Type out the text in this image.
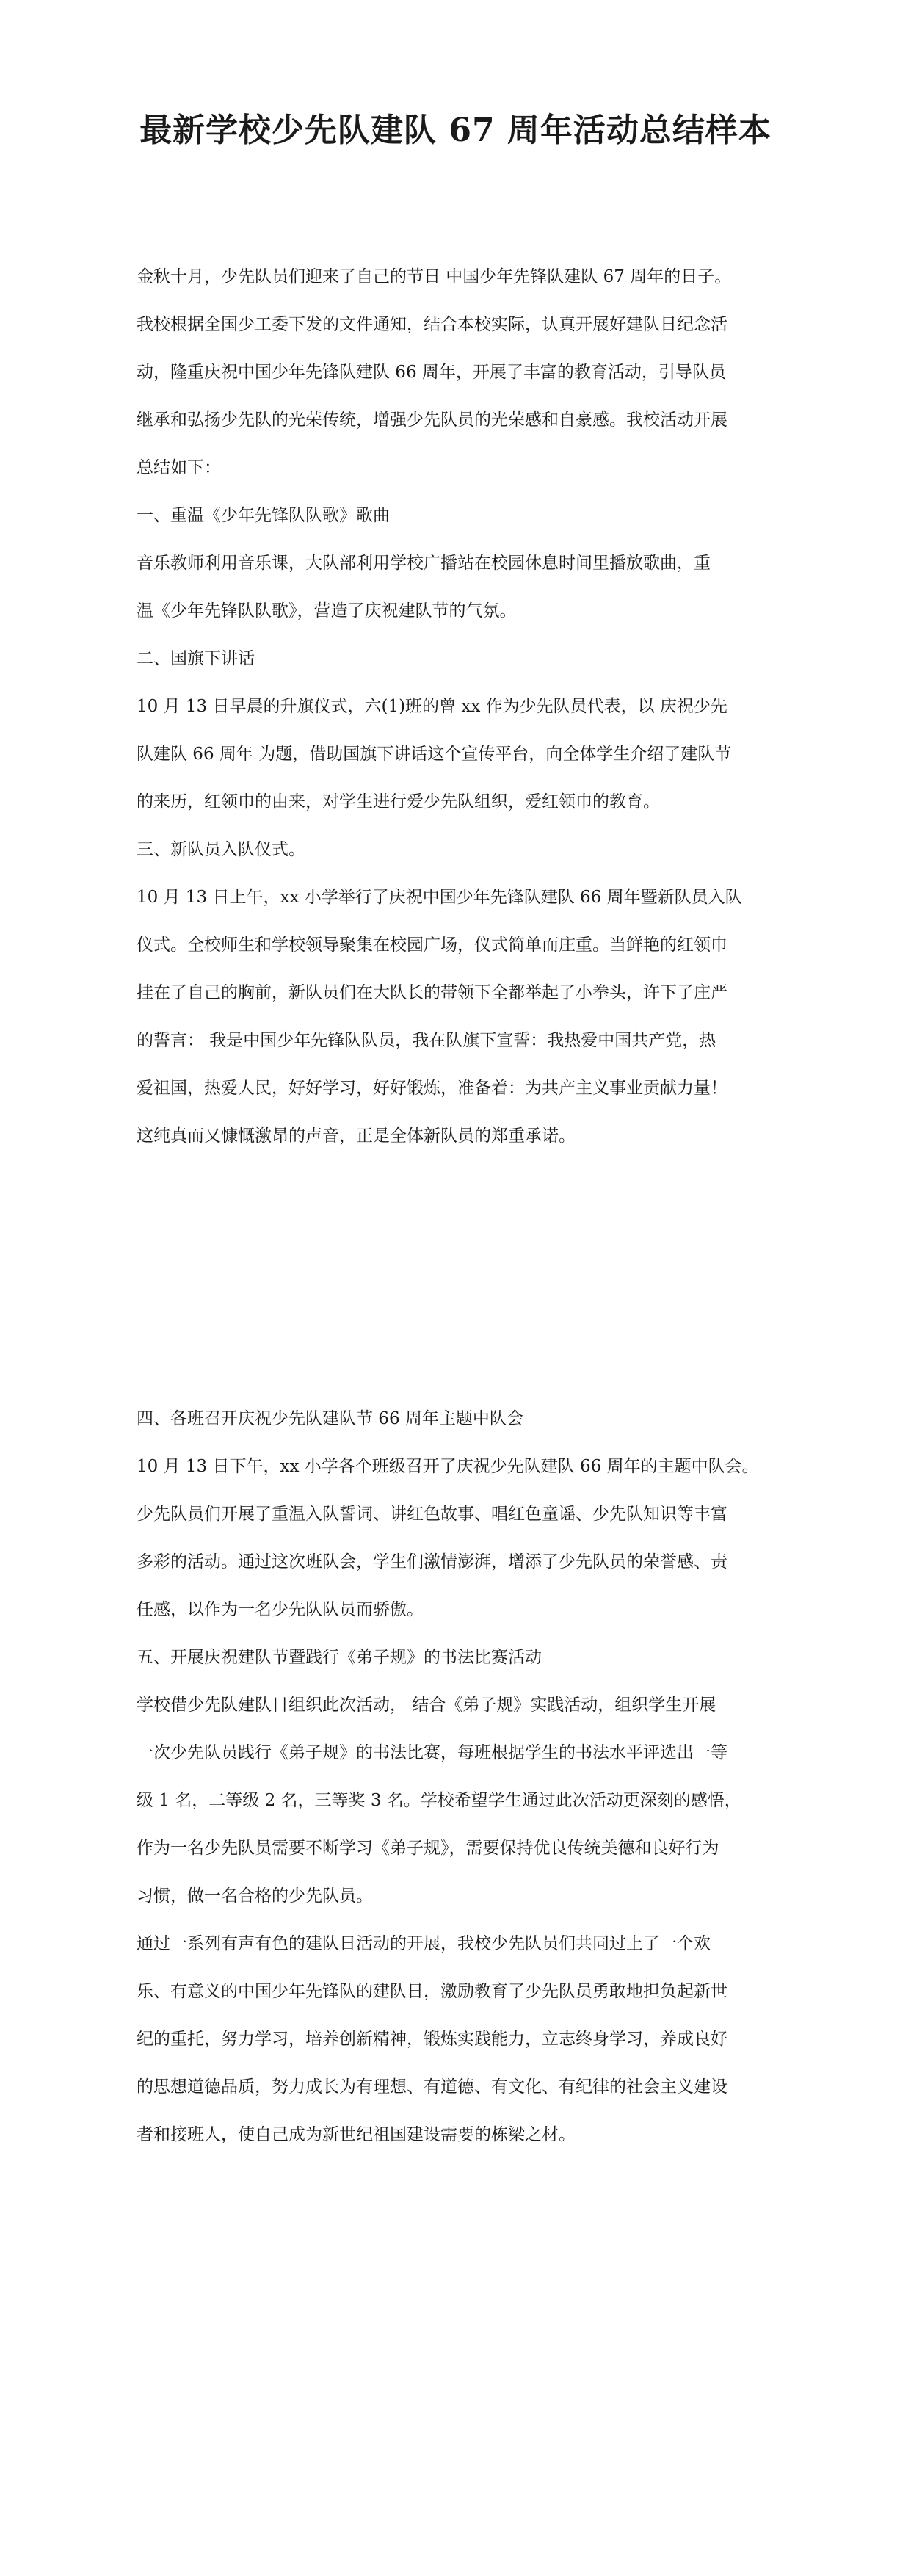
最新学校少先队建队 67 周年活动总结样本
金秋十月，少先队员们迎来了自己的节日 中国少年先锋队建队 67 周年的日子。
我校根据全国少工委下发的文件通知，结合本校实际，认真开展好建队日纪念活
动，隆重庆祝中国少年先锋队建队 66 周年，开展了丰富的教育活动，引导队员
继承和弘扬少先队的光荣传统，增强少先队员的光荣感和自豪感。我校活动开展
总结如下：
一、重温《少年先锋队队歌》歌曲
音乐教师利用音乐课，大队部利用学校广播站在校园休息时间里播放歌曲，重
温《少年先锋队队歌》，营造了庆祝建队节的气氛。
二、国旗下讲话
10 月 13 日早晨的升旗仪式，六(1)班的曾 xx 作为少先队员代表，以 庆祝少先
队建队 66 周年 为题，借助国旗下讲话这个宣传平台，向全体学生介绍了建队节
的来历，红领巾的由来，对学生进行爱少先队组织，爱红领巾的教育。
三、新队员入队仪式。
10 月 13 日上午，xx 小学举行了庆祝中国少年先锋队建队 66 周年暨新队员入队
仪式。全校师生和学校领导聚集在校园广场，仪式简单而庄重。当鲜艳的红领巾
挂在了自己的胸前，新队员们在大队长的带领下全都举起了小拳头，许下了庄严
的誓言： 我是中国少年先锋队队员，我在队旗下宣誓：我热爱中国共产党，热
爱祖国，热爱人民，好好学习，好好锻炼，准备着：为共产主义事业贡献力量！
这纯真而又慷慨激昂的声音，正是全体新队员的郑重承诺。
四、各班召开庆祝少先队建队节 66 周年主题中队会
10 月 13 日下午，xx 小学各个班级召开了庆祝少先队建队 66 周年的主题中队会。
少先队员们开展了重温入队誓词、讲红色故事、唱红色童谣、少先队知识等丰富
多彩的活动。通过这次班队会，学生们激情澎湃，增添了少先队员的荣誉感、责
任感，以作为一名少先队队员而骄傲。
五、开展庆祝建队节暨践行《弟子规》的书法比赛活动
学校借少先队建队日组织此次活动， 结合《弟子规》实践活动，组织学生开展
一次少先队员践行《弟子规》的书法比赛，每班根据学生的书法水平评选出一等
级 1 名，二等级 2 名，三等奖 3 名。学校希望学生通过此次活动更深刻的感悟，
作为一名少先队员需要不断学习《弟子规》，需要保持优良传统美德和良好行为
习惯，做一名合格的少先队员。
通过一系列有声有色的建队日活动的开展，我校少先队员们共同过上了一个欢
乐、有意义的中国少年先锋队的建队日，激励教育了少先队员勇敢地担负起新世
纪的重托，努力学习，培养创新精神，锻炼实践能力，立志终身学习，养成良好
的思想道德品质，努力成长为有理想、有道德、有文化、有纪律的社会主义建设
者和接班人，使自己成为新世纪祖国建设需要的栋梁之材。
